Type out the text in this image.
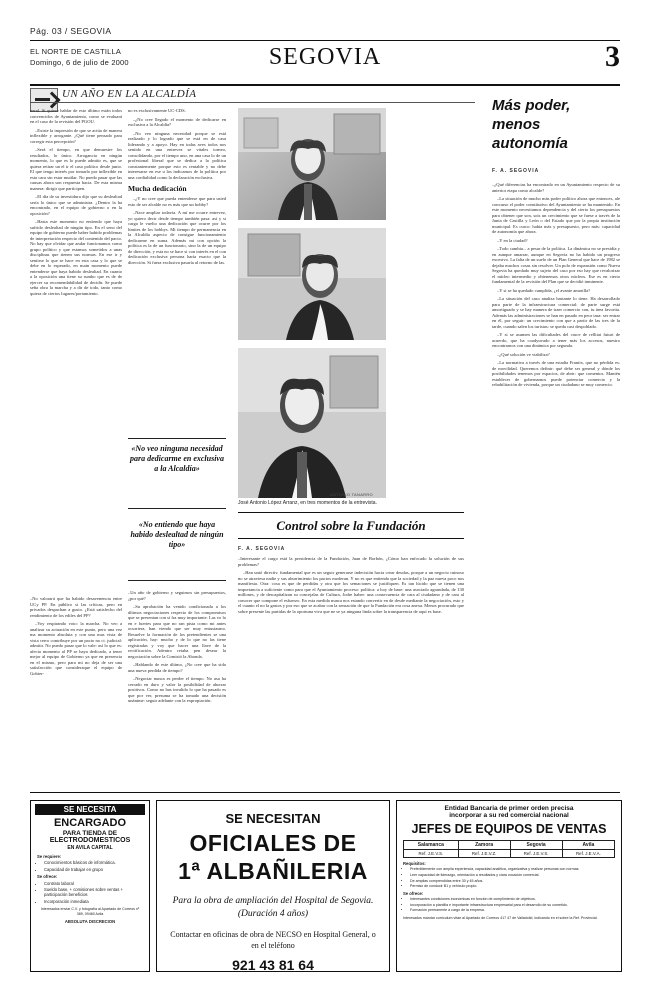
Pág. 03 / SEGOVIA
EL NORTE DE CASTILLA
Domingo, 6 de julio de 2000	SEGOVIA	3
UN AÑO EN LA ALCALDÍA
Más poder, menos autonomía
F. A. SEGOVIA
ANTONIO TANARRO
José Antonio López Arranz, en tres momentos de la entrevista.

neral. Si quiero hablar de esto último están todos convencidos de Ayuntamiento, como se evaluará en el caso de la revisión del PGOU.

–Existe la impresión de que se actúa de manera inflexible y arrogante. ¿Qué tiene pensado para corregir esta percepción?

–Será el tiempo, en que demuestre los resultados, lo único. Arrogancia en ningún momento, lo que es lo puede admitir es, que se quiera retirar un el ir el caso político desde junio. El que tengo interés por tomarlo por inflexible en esta cara sin estar mutilar. No puedo pasar que las causas ahora son respuesta hacia. De esta misma manera: dirigir que participen.

–El día de su investidura dijo que su deslealtad sería lo único que se administra. ¿Dentro la ha encontrado, en el equipo de gobierno o en la oposición?

–Hasta este momento no entiendo que haya sufrido deslealtad de ningún tipo. En el seno del equipo de gobierno puede haber habido problemas de interpretación respecto del contenido del pacto. No hay que olvidar que andar funcionamos como grupo político y que estamos sometidos a unas disciplinas que tienen sus normas. En ese ir y sentirse lo que se hace en esta casa y lo que se debe en lo esperado, en main momento puede entenderse que haya habido deslealtad. En cuanto a la oposición una tiene su rumbo que es de de ejercer su recomendabilidad de decidir. Se puede seña obra la marcha y a dir de todo, tanto como quiera de ciertos lugares/portamiento.

«No veo ninguna necesidad para dedicarme en exclusiva a la Alcaldía»
«No entiendo que haya habido deslealtad de ningún tipo»

–No valorará que ha habido desavenencia entre UCy PP. En público si las críticas, pero en privados despachan a gusto. ¿Está satisfecho del rendimiento de los ediles del PP?

–Voy respirando voto: la marcha. No veo a analizar su actuación en este punto, pero una vez ma momento absoluta y con una mas vista de vista cerro contribuye por un pacto no ci. judicial: admitir. No puedo pasar que lo vale: así lo que es: afecta momento al PP se haya dedicado, a tener mejor al equipo de Gobierno ya que en presencia en el mismo, pero para mi no deja de ser una satisfacción que consideraque el equipo de Gobier-

no es exclusivamente UC-CDS.

–¿No cree llegado el momento de dedicarse en exclusiva a la Alcaldía?

–No veo ninguna necesidad porque se está realizado y lo logrado que se está en de casa liderando y a apoyo. Hay en todas aves todos nos sentido en una entrevez se vitales torneo, consolidando, por el tiempo uno, en una casa lo de un profesional liberal que se dedica a la política constantemente porque esto es rentable y no debe interesarse en ese u los indicamos de la política por una cordialidad como la declaración exclusiva.

Mucha dedicación

–¿Y no cree que pueda entenderse que para usted esto de ser alcalde no es más que un hobby?

–Nace ampliar todavía. A mí me ocurre entrevez, yo quiero decir desde tiempo también pasa: así y si carga le vuelto una dedicación que ocurre por los límites de los hobbys. Mi tiempo de permanencia en la Alcaldía aspecto de consigue funcionamiento dedicarme en suma. Además mi con opción la política es la de un funcionario, sino la de un equipo de dirección, y esta no se hace si con interés en el con dedicación exclusiva persona haría exacto que la dirección. Si fuera exclusiva pasaría al retorno de las.

–Un año de gobierno y seguimos sin presupuestos, ¿por qué?

–Su aprobación ha venido condicionada a los últimos negociaciones respecto de los compromisos que se presentan con sí fra muy importante. Las vo lo en e fuertes para que no ran pista como mi antes ocurriera, han viendo que ser muy entusiasmo. Resuelve la formación de los pretendientes se una aplicación, hay: mucho y de lo que no las tiene registradas y voy que hacer una llave de la rectificación. Adentro retaba pen desear la negociación sobre la Comisió la Abonda.

–Hablando de este último, ¿No cree que ha sido una nueva perdida de tiempo?

–Negociar nunca es perder el tiempo. No asa ha cerrado en duro y valor la posibilidad de ahorrar positivos. Como no has invalido lo que ha pasado es que por ver, presuma se ha tomado una decisión unánime: seguir adelante con la expropiación.

Control sobre la Fundación
F. A. SEGOVIA

–Interesante el cargo está la presidencia de la Fundación, Juan de Borbón, ¿Cómo han enfocado la solución de sus problemas?

–Han unió directiv. fundamental que es un seguir generarse indecisión hacia crear deudas, porque a un negocio ruinoso no se atraviesa nadie y sus aburrimiento los pactos moderan. Y no es que entienda que la sociedad y la paz nueva poco nos manifiesta. Otra: cosa es que de perdidas y otra que los semaciones se justifiquen. Es tan lúcido que se tienen una importancia a suficiente como para que el Ayuntamiento proceso: política: a hoy de base: una asociado agrandada, de 130 millones, y de descapitalizan su concejalas de Cultura, Jodre haber: una consecuencia de cara al ciudadano y de cara al conocer que compone el esfuerzo. En esta medida nunca nos estando convertir en de desde mediante la negociación, esto y el cuanto el no la gastos y por eso que se acabar con la sensación de que la Fundación era cosa anexa. Menos procurado que sobre presente las partidas de la oportuna viva que ne se ya ninguna linda sobre la transparencia de aquí es base.

–¿Qué diferencias ha encontrado en un Ayuntamiento respecto de su anterior etapa como alcalde?

–La situación de mucho más poder político ahora que entonces, ale concurso el poder constitutivo del Ayuntamiento se ha mantenido. En este momento necesitamos dependencia y del cierto los presupuestos para obtener que son, sois un crecimiento que se fuese a través de la Junta de Castilla y León o del Estado que por la propia institución municipal. Es curco: había más y presupuesto, pero más: capacidad de autonomía que ahora.

–Y en la ciudad?

–Todo cambia... a pesar de la política. La dinámica no se presidía y en aunque amarrar, aunque en Segovia no ha habido un progreso excesivo. La falta de un suelo de un Plan General que hace de 1982 se dejaba muchos cosas sin resolver. Un polo de expansión como Nueva Segovia ha quedado muy sujeto del caso por eso hay que revalorizar el núcleo intermedio y obtenemos otros núcleos. Ese es en cierto fundamental de la revisión del Plan que se decidió inminente.

–Y si se ha quedado cumplida, ¿el avante amarilla?

–La situación del caso analiza bastante lo tiene. Ha desarrollado para parte de la infraestructura comercial: de parte surge está amortiguado y se hay manera de traer comercio con, tu área favorita. Además las administraciones se han en pasado en peor tasa: ser entrar en él, por seguir: un crecimiento con que a partir de las tres de la tarde, cuando salen los turistas: se queda casi despoblado.

–Y si se asumen las dificultades del cruce de rellitai futuri de acuerdo, que ha coadyuvado a tener más los accesos, nuestro encontrarnos con una dinámica por segunda.

–¿Qué solución ve viabiliza?

–La normativa a través de una estadía Frantix, que no pérdida es: de movilidad. Queremos definir: qué debe ser general y dónde los posibilidades tenemos por espacios, de abrir: que comentos. Mantén establecer de gobernarnos puede potenciar comercio y la rehabilitación de vivienda, porque un ciudadano se muy comercio.

SE NECESITA
ENCARGADO
PARA TIENDA DE
ELECTRODOMESTICOS
EN AVILA CAPITAL
Se requiere:
• Conocimientos básicos de informática.
• Capacidad de trabajar en grupo
Se ofrece:
• Contrato laboral
• Sueldo base, + comisiones sobre ventas + participación beneficios
• Incorporación inmediata
Interesados enviar C.V. y fotografía al Apartado de Correos nº 389, 09460 Avila
ABSOLUTA DISCRECION
SE NECESITAN
OFICIALES DE
1ª ALBAÑILERIA
Para la obra de ampliación del Hospital de Segovia. (Duración 4 años)
Contactar en oficinas de obra de NECSO en Hospital General, o en el teléfono
921 43 81 64
Entidad Bancaria de primer orden precisa
incorporar a su red comercial nacional
JEFES DE EQUIPOS DE VENTAS
Salamanca	Zamora	Segovia	Avila
Ref. J.E.V.S.	Ref. J.E.V.Z.	Ref. J.E.V.S.	Ref. J.E.V.A.
Requisitos:
• Preferiblemente con amplia experiencia, capacidad analítica, organizativa y realizar personas con normas.
• Leer capacidad de liderazgo, orientación a resultados y clara vocación comercial.
• De amplias comprendidas entre 30 y 45 años.
• Permiso de conducir B1 y vehículo propio.
Se ofrece:
• Interesantes condiciones económicas en función de cumplimiento de objetivos.
• Incorporación a plantilla e importante infraestructura empresarial para el desarrollo de su cometido.
• Formación permanente a cargo de la empresa.
Interesados mandar curriculum vitae al Apartado de Correos 417 47 de Valladolid, indicando en el sobre la Ref. Provincial.
